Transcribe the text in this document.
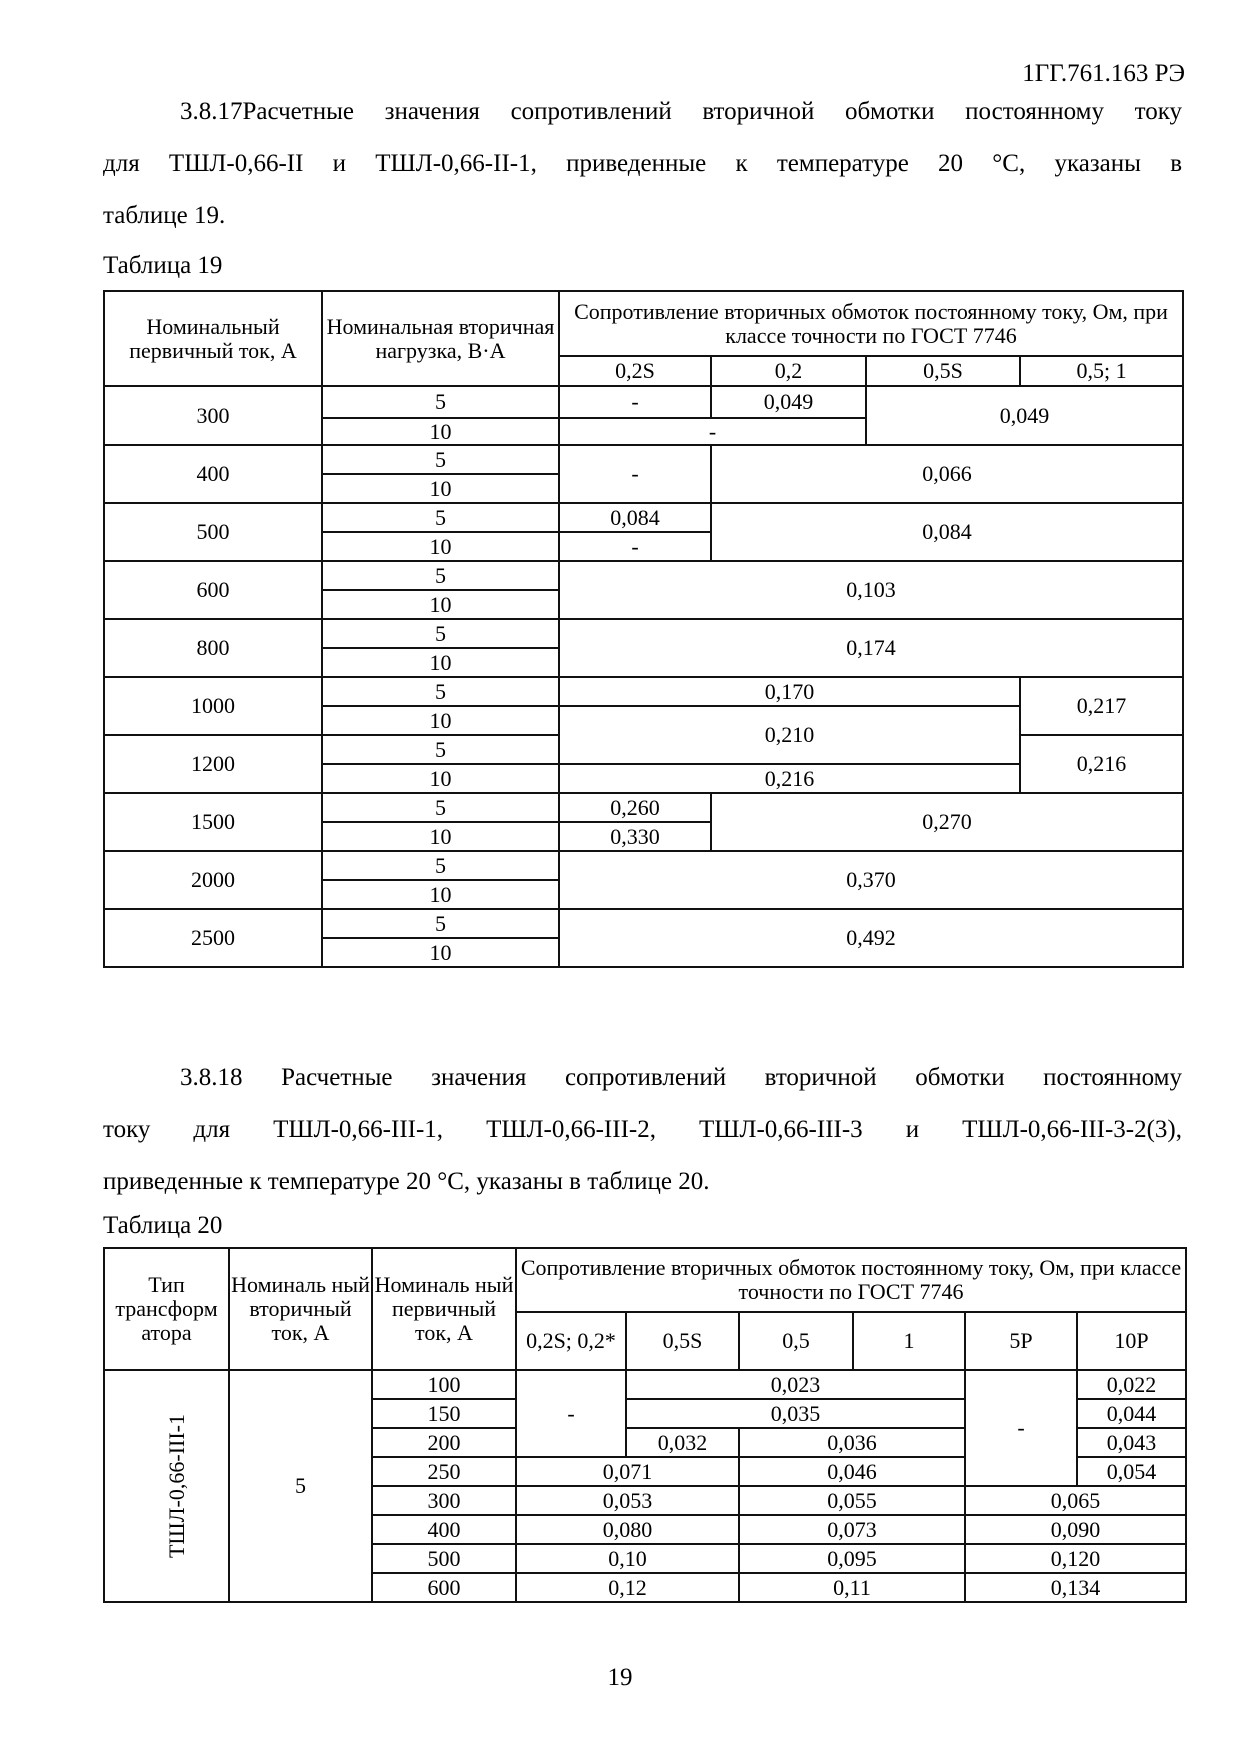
1ГГ.761.163 РЭ
3.8.17Расчетные значения сопротивлений вторичной обмотки постоянному току
для ТШЛ-0,66-II и ТШЛ-0,66-II-1, приведенные к температуре 20 °С, указаны в
таблице 19.
Таблица 19
Номинальный первичный ток, А	Номинальная вторичная нагрузка, В·А	Сопротивление вторичных обмоток постоянному току, Ом, при классе точности по ГОСТ 7746			
		0,2S	0,2	0,5S	0,5; 1
300	5	-	0,049	0,049	
	10	-			
400	5	-	0,066		
	10				
500	5	0,084	0,084		
	10	-			
600	5	0,103			
	10				
800	5	0,174			
	10				
1000	5	0,170			0,217
	10	0,210			
1200	5				0,216
	10	0,216			
1500	5	0,260	0,270		
	10	0,330			
2000	5	0,370			
	10				
2500	5	0,492			
	10				
3.8.18 Расчетные значения сопротивлений вторичной обмотки постоянному
току для ТШЛ-0,66-III-1, ТШЛ-0,66-III-2, ТШЛ-0,66-III-3 и ТШЛ-0,66-III-3-2(3),
приведенные к температуре 20 °С, указаны в таблице 20.
Таблица 20
Тип трансформ атора	Номиналь ный вторичный ток, А	Номиналь ный первичный ток, А	Сопротивление вторичных обмоток постоянному току, Ом, при классе точности по ГОСТ 7746					
			0,2S; 0,2*	0,5S	0,5	1	5P	10P
ТШЛ-0,66-III-1	5	100	-	0,023			-	0,022
		150		0,035				0,044
		200		0,032	0,036			0,043
		250	0,071		0,046			0,054
		300	0,053		0,055		0,065	
		400	0,080		0,073		0,090	
		500	0,10		0,095		0,120	
		600	0,12		0,11		0,134	
19
